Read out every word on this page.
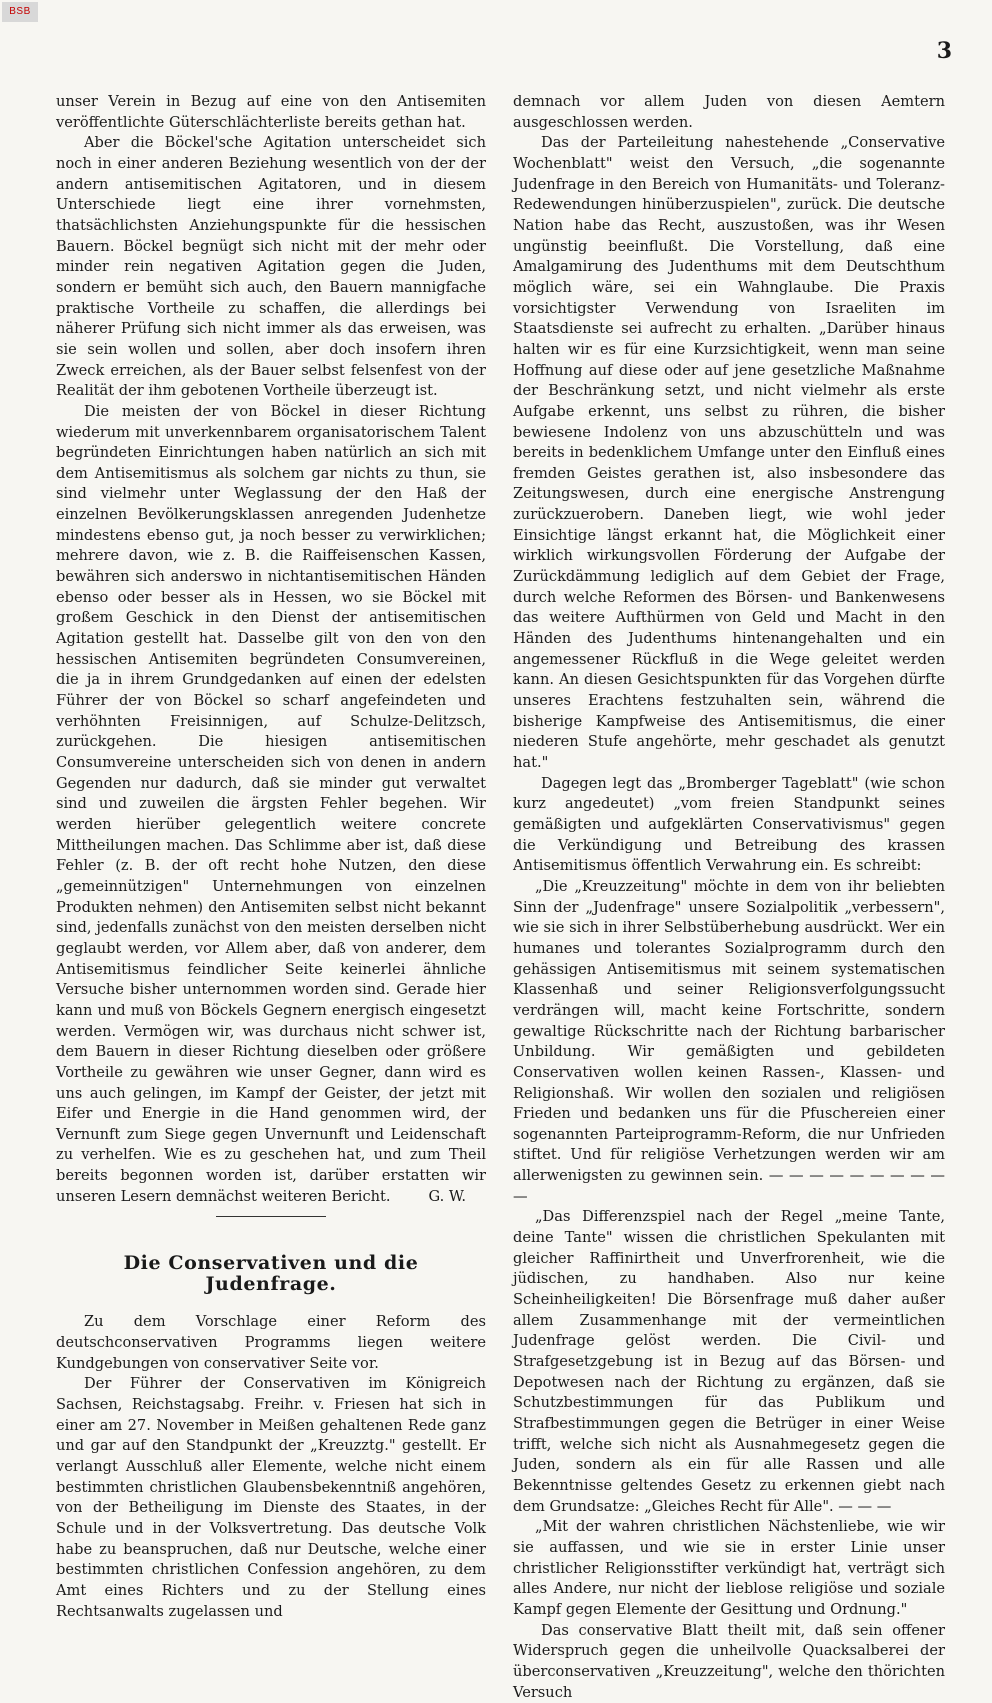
BSB
3

unser Verein in Bezug auf eine von den Antisemiten veröffentlichte Güterschlächterliste bereits gethan hat.

Aber die Böckel'sche Agitation unterscheidet sich noch in einer anderen Beziehung wesentlich von der der andern antisemitischen Agitatoren, und in diesem Unterschiede liegt eine ihrer vornehmsten, thatsächlichsten Anziehungspunkte für die hessischen Bauern. Böckel begnügt sich nicht mit der mehr oder minder rein negativen Agitation gegen die Juden, sondern er bemüht sich auch, den Bauern mannigfache praktische Vortheile zu schaffen, die allerdings bei näherer Prüfung sich nicht immer als das erweisen, was sie sein wollen und sollen, aber doch insofern ihren Zweck erreichen, als der Bauer selbst felsenfest von der Realität der ihm gebotenen Vortheile überzeugt ist.

Die meisten der von Böckel in dieser Richtung wiederum mit unverkennbarem organisatorischem Talent begründeten Einrichtungen haben natürlich an sich mit dem Antisemitismus als solchem gar nichts zu thun, sie sind vielmehr unter Weglassung der den Haß der einzelnen Bevölkerungsklassen anregenden Judenhetze mindestens ebenso gut, ja noch besser zu verwirklichen; mehrere davon, wie z. B. die Raiffeisenschen Kassen, bewähren sich anderswo in nichtantisemitischen Händen ebenso oder besser als in Hessen, wo sie Böckel mit großem Geschick in den Dienst der antisemitischen Agitation gestellt hat. Dasselbe gilt von den von den hessischen Antisemiten begründeten Consumvereinen, die ja in ihrem Grundgedanken auf einen der edelsten Führer der von Böckel so scharf angefeindeten und verhöhnten Freisinnigen, auf Schulze-Delitzsch, zurückgehen. Die hiesigen antisemitischen Consumvereine unterscheiden sich von denen in andern Gegenden nur dadurch, daß sie minder gut verwaltet sind und zuweilen die ärgsten Fehler begehen. Wir werden hierüber gelegentlich weitere concrete Mittheilungen machen. Das Schlimme aber ist, daß diese Fehler (z. B. der oft recht hohe Nutzen, den diese „gemeinnützigen" Unternehmungen von einzelnen Produkten nehmen) den Antisemiten selbst nicht bekannt sind, jedenfalls zunächst von den meisten derselben nicht geglaubt werden, vor Allem aber, daß von anderer, dem Antisemitismus feindlicher Seite keinerlei ähnliche Versuche bisher unternommen worden sind. Gerade hier kann und muß von Böckels Gegnern energisch eingesetzt werden. Vermögen wir, was durchaus nicht schwer ist, dem Bauern in dieser Richtung dieselben oder größere Vortheile zu gewähren wie unser Gegner, dann wird es uns auch gelingen, im Kampf der Geister, der jetzt mit Eifer und Energie in die Hand genommen wird, der Vernunft zum Siege gegen Unvernunft und Leidenschaft zu verhelfen. Wie es zu geschehen hat, und zum Theil bereits begonnen worden ist, darüber erstatten wir unseren Lesern demnächst weiteren Bericht.	G. W.
Die Conservativen und die Judenfrage.

Zu dem Vorschlage einer Reform des deutschconservativen Programms liegen weitere Kundgebungen von conservativer Seite vor.

Der Führer der Conservativen im Königreich Sachsen, Reichstagsabg. Freihr. v. Friesen hat sich in einer am 27. November in Meißen gehaltenen Rede ganz und gar auf den Standpunkt der „Kreuzztg." gestellt. Er verlangt Ausschluß aller Elemente, welche nicht einem bestimmten christlichen Glaubensbekenntniß angehören, von der Betheiligung im Dienste des Staates, in der Schule und in der Volksvertretung. Das deutsche Volk habe zu beanspruchen, daß nur Deutsche, welche einer bestimmten christlichen Confession angehören, zu dem Amt eines Richters und zu der Stellung eines Rechtsanwalts zugelassen und

demnach vor allem Juden von diesen Aemtern ausgeschlossen werden.

Das der Parteileitung nahestehende „Conservative Wochenblatt" weist den Versuch, „die sogenannte Judenfrage in den Bereich von Humanitäts- und Toleranz-Redewendungen hinüberzuspielen", zurück. Die deutsche Nation habe das Recht, auszustoßen, was ihr Wesen ungünstig beeinflußt. Die Vorstellung, daß eine Amalgamirung des Judenthums mit dem Deutschthum möglich wäre, sei ein Wahnglaube. Die Praxis vorsichtigster Verwendung von Israeliten im Staatsdienste sei aufrecht zu erhalten. „Darüber hinaus halten wir es für eine Kurzsichtigkeit, wenn man seine Hoffnung auf diese oder auf jene gesetzliche Maßnahme der Beschränkung setzt, und nicht vielmehr als erste Aufgabe erkennt, uns selbst zu rühren, die bisher bewiesene Indolenz von uns abzuschütteln und was bereits in bedenklichem Umfange unter den Einfluß eines fremden Geistes gerathen ist, also insbesondere das Zeitungswesen, durch eine energische Anstrengung zurückzuerobern. Daneben liegt, wie wohl jeder Einsichtige längst erkannt hat, die Möglichkeit einer wirklich wirkungsvollen Förderung der Aufgabe der Zurückdämmung lediglich auf dem Gebiet der Frage, durch welche Reformen des Börsen- und Bankenwesens das weitere Aufthürmen von Geld und Macht in den Händen des Judenthums hintenangehalten und ein angemessener Rückfluß in die Wege geleitet werden kann. An diesen Gesichtspunkten für das Vorgehen dürfte unseres Erachtens festzuhalten sein, während die bisherige Kampfweise des Antisemitismus, die einer niederen Stufe angehörte, mehr geschadet als genutzt hat."

Dagegen legt das „Bromberger Tageblatt" (wie schon kurz angedeutet) „vom freien Standpunkt seines gemäßigten und aufgeklärten Conservativismus" gegen die Verkündigung und Betreibung des krassen Antisemitismus öffentlich Verwahrung ein. Es schreibt:

„Die „Kreuzzeitung" möchte in dem von ihr beliebten Sinn der „Judenfrage" unsere Sozialpolitik „verbessern", wie sie sich in ihrer Selbstüberhebung ausdrückt. Wer ein humanes und tolerantes Sozialprogramm durch den gehässigen Antisemitismus mit seinem systematischen Klassenhaß und seiner Religionsverfolgungssucht verdrängen will, macht keine Fortschritte, sondern gewaltige Rückschritte nach der Richtung barbarischer Unbildung. Wir gemäßigten und gebildeten Conservativen wollen keinen Rassen-, Klassen- und Religionshaß. Wir wollen den sozialen und religiösen Frieden und bedanken uns für die Pfuschereien einer sogenannten Parteiprogramm-Reform, die nur Unfrieden stiftet. Und für religiöse Verhetzungen werden wir am allerwenigsten zu gewinnen sein. — — — — — — — — — —

„Das Differenzspiel nach der Regel „meine Tante, deine Tante" wissen die christlichen Spekulanten mit gleicher Raffinirtheit und Unverfrorenheit, wie die jüdischen, zu handhaben. Also nur keine Scheinheiligkeiten! Die Börsenfrage muß daher außer allem Zusammenhange mit der vermeintlichen Judenfrage gelöst werden. Die Civil- und Strafgesetzgebung ist in Bezug auf das Börsen- und Depotwesen nach der Richtung zu ergänzen, daß sie Schutzbestimmungen für das Publikum und Strafbestimmungen gegen die Betrüger in einer Weise trifft, welche sich nicht als Ausnahmegesetz gegen die Juden, sondern als ein für alle Rassen und alle Bekenntnisse geltendes Gesetz zu erkennen giebt nach dem Grundsatze: „Gleiches Recht für Alle". — — —

„Mit der wahren christlichen Nächstenliebe, wie wir sie auffassen, und wie sie in erster Linie unser christlicher Religionsstifter verkündigt hat, verträgt sich alles Andere, nur nicht der lieblose religiöse und soziale Kampf gegen Elemente der Gesittung und Ordnung."

Das conservative Blatt theilt mit, daß sein offener Widerspruch gegen die unheilvolle Quacksalberei der überconservativen „Kreuzzeitung", welche den thörichten Versuch
